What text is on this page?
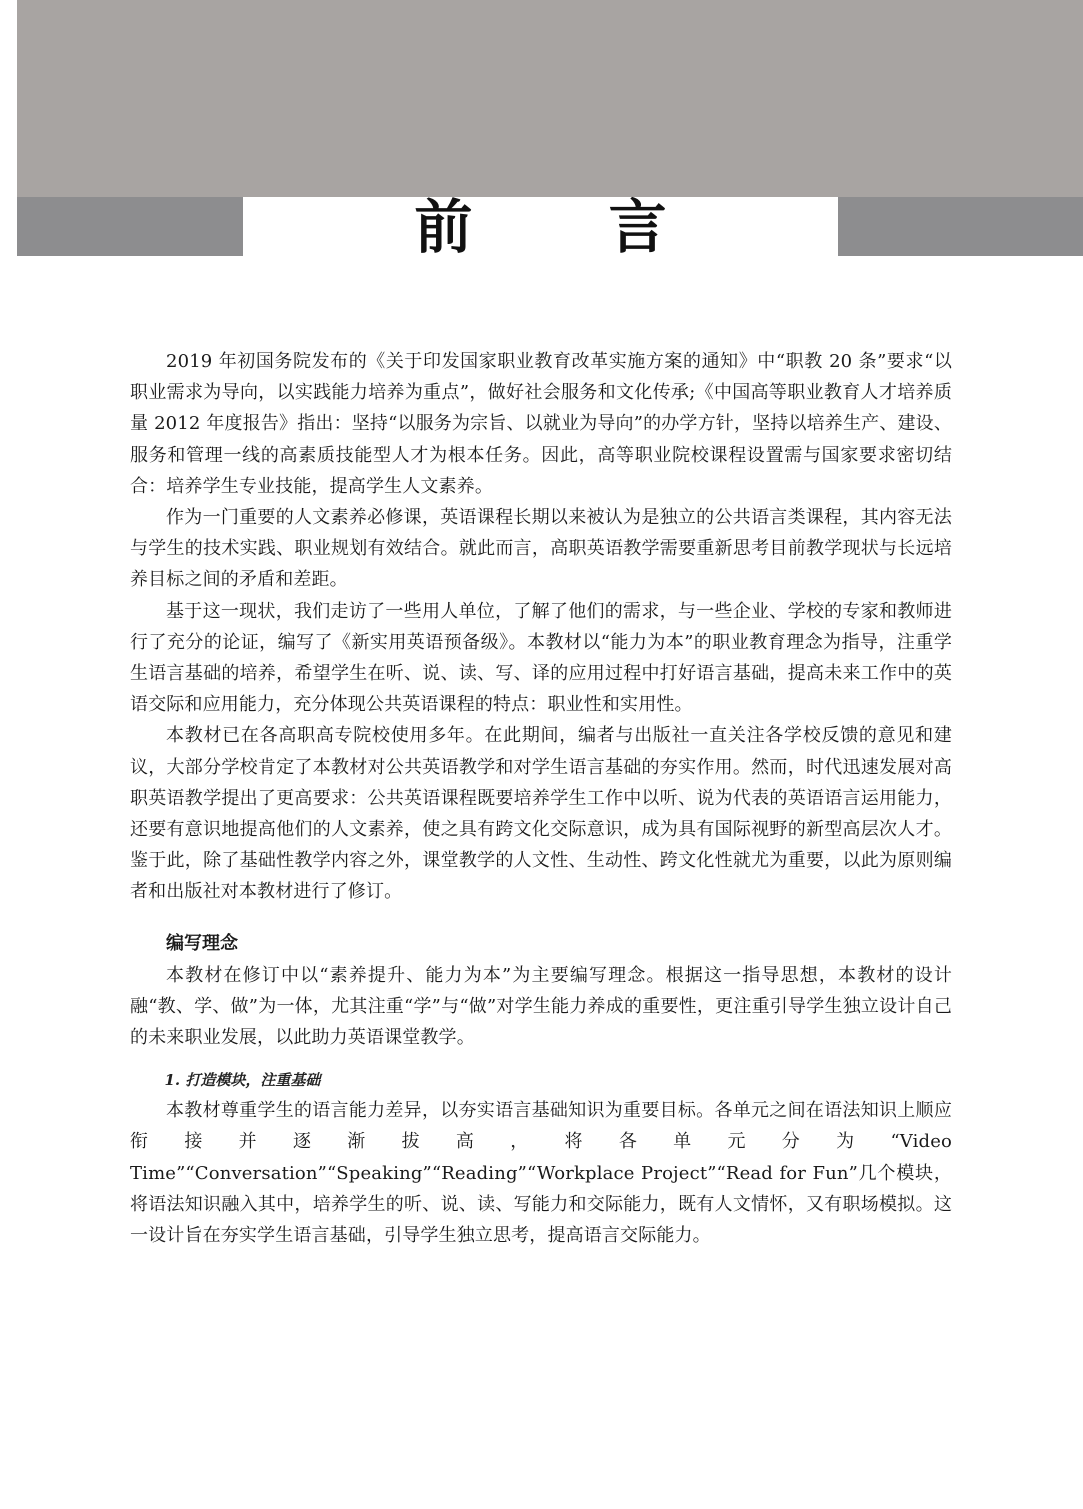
前 言

2019 年初国务院发布的《关于印发国家职业教育改革实施方案的通知》中“职教 20 条”要求“以职业需求为导向，以实践能力培养为重点”，做好社会服务和文化传承;《中国高等职业教育人才培养质量 2012 年度报告》指出：坚持“以服务为宗旨、以就业为导向”的办学方针，坚持以培养生产、建设、服务和管理一线的高素质技能型人才为根本任务。因此，高等职业院校课程设置需与国家要求密切结合：培养学生专业技能，提高学生人文素养。

作为一门重要的人文素养必修课，英语课程长期以来被认为是独立的公共语言类课程，其内容无法与学生的技术实践、职业规划有效结合。就此而言，高职英语教学需要重新思考目前教学现状与长远培养目标之间的矛盾和差距。

基于这一现状，我们走访了一些用人单位，了解了他们的需求，与一些企业、学校的专家和教师进行了充分的论证，编写了《新实用英语预备级》。本教材以“能力为本”的职业教育理念为指导，注重学生语言基础的培养，希望学生在听、说、读、写、译的应用过程中打好语言基础，提高未来工作中的英语交际和应用能力，充分体现公共英语课程的特点：职业性和实用性。

本教材已在各高职高专院校使用多年。在此期间，编者与出版社一直关注各学校反馈的意见和建议，大部分学校肯定了本教材对公共英语教学和对学生语言基础的夯实作用。然而，时代迅速发展对高职英语教学提出了更高要求：公共英语课程既要培养学生工作中以听、说为代表的英语语言运用能力，还要有意识地提高他们的人文素养，使之具有跨文化交际意识，成为具有国际视野的新型高层次人才。鉴于此，除了基础性教学内容之外，课堂教学的人文性、生动性、跨文化性就尤为重要，以此为原则编者和出版社对本教材进行了修订。

编写理念

本教材在修订中以“素养提升、能力为本”为主要编写理念。根据这一指导思想，本教材的设计融“教、学、做”为一体，尤其注重“学”与“做”对学生能力养成的重要性，更注重引导学生独立设计自己的未来职业发展，以此助力英语课堂教学。

1. 打造模块，注重基础

本教材尊重学生的语言能力差异，以夯实语言基础知识为重要目标。各单元之间在语法知识上顺应衔接并逐渐拔高，将各单元分为“Video Time”“Conversation”“Speaking”“Reading”“Workplace Project”“Read for Fun”几个模块，将语法知识融入其中，培养学生的听、说、读、写能力和交际能力，既有人文情怀，又有职场模拟。这一设计旨在夯实学生语言基础，引导学生独立思考，提高语言交际能力。
